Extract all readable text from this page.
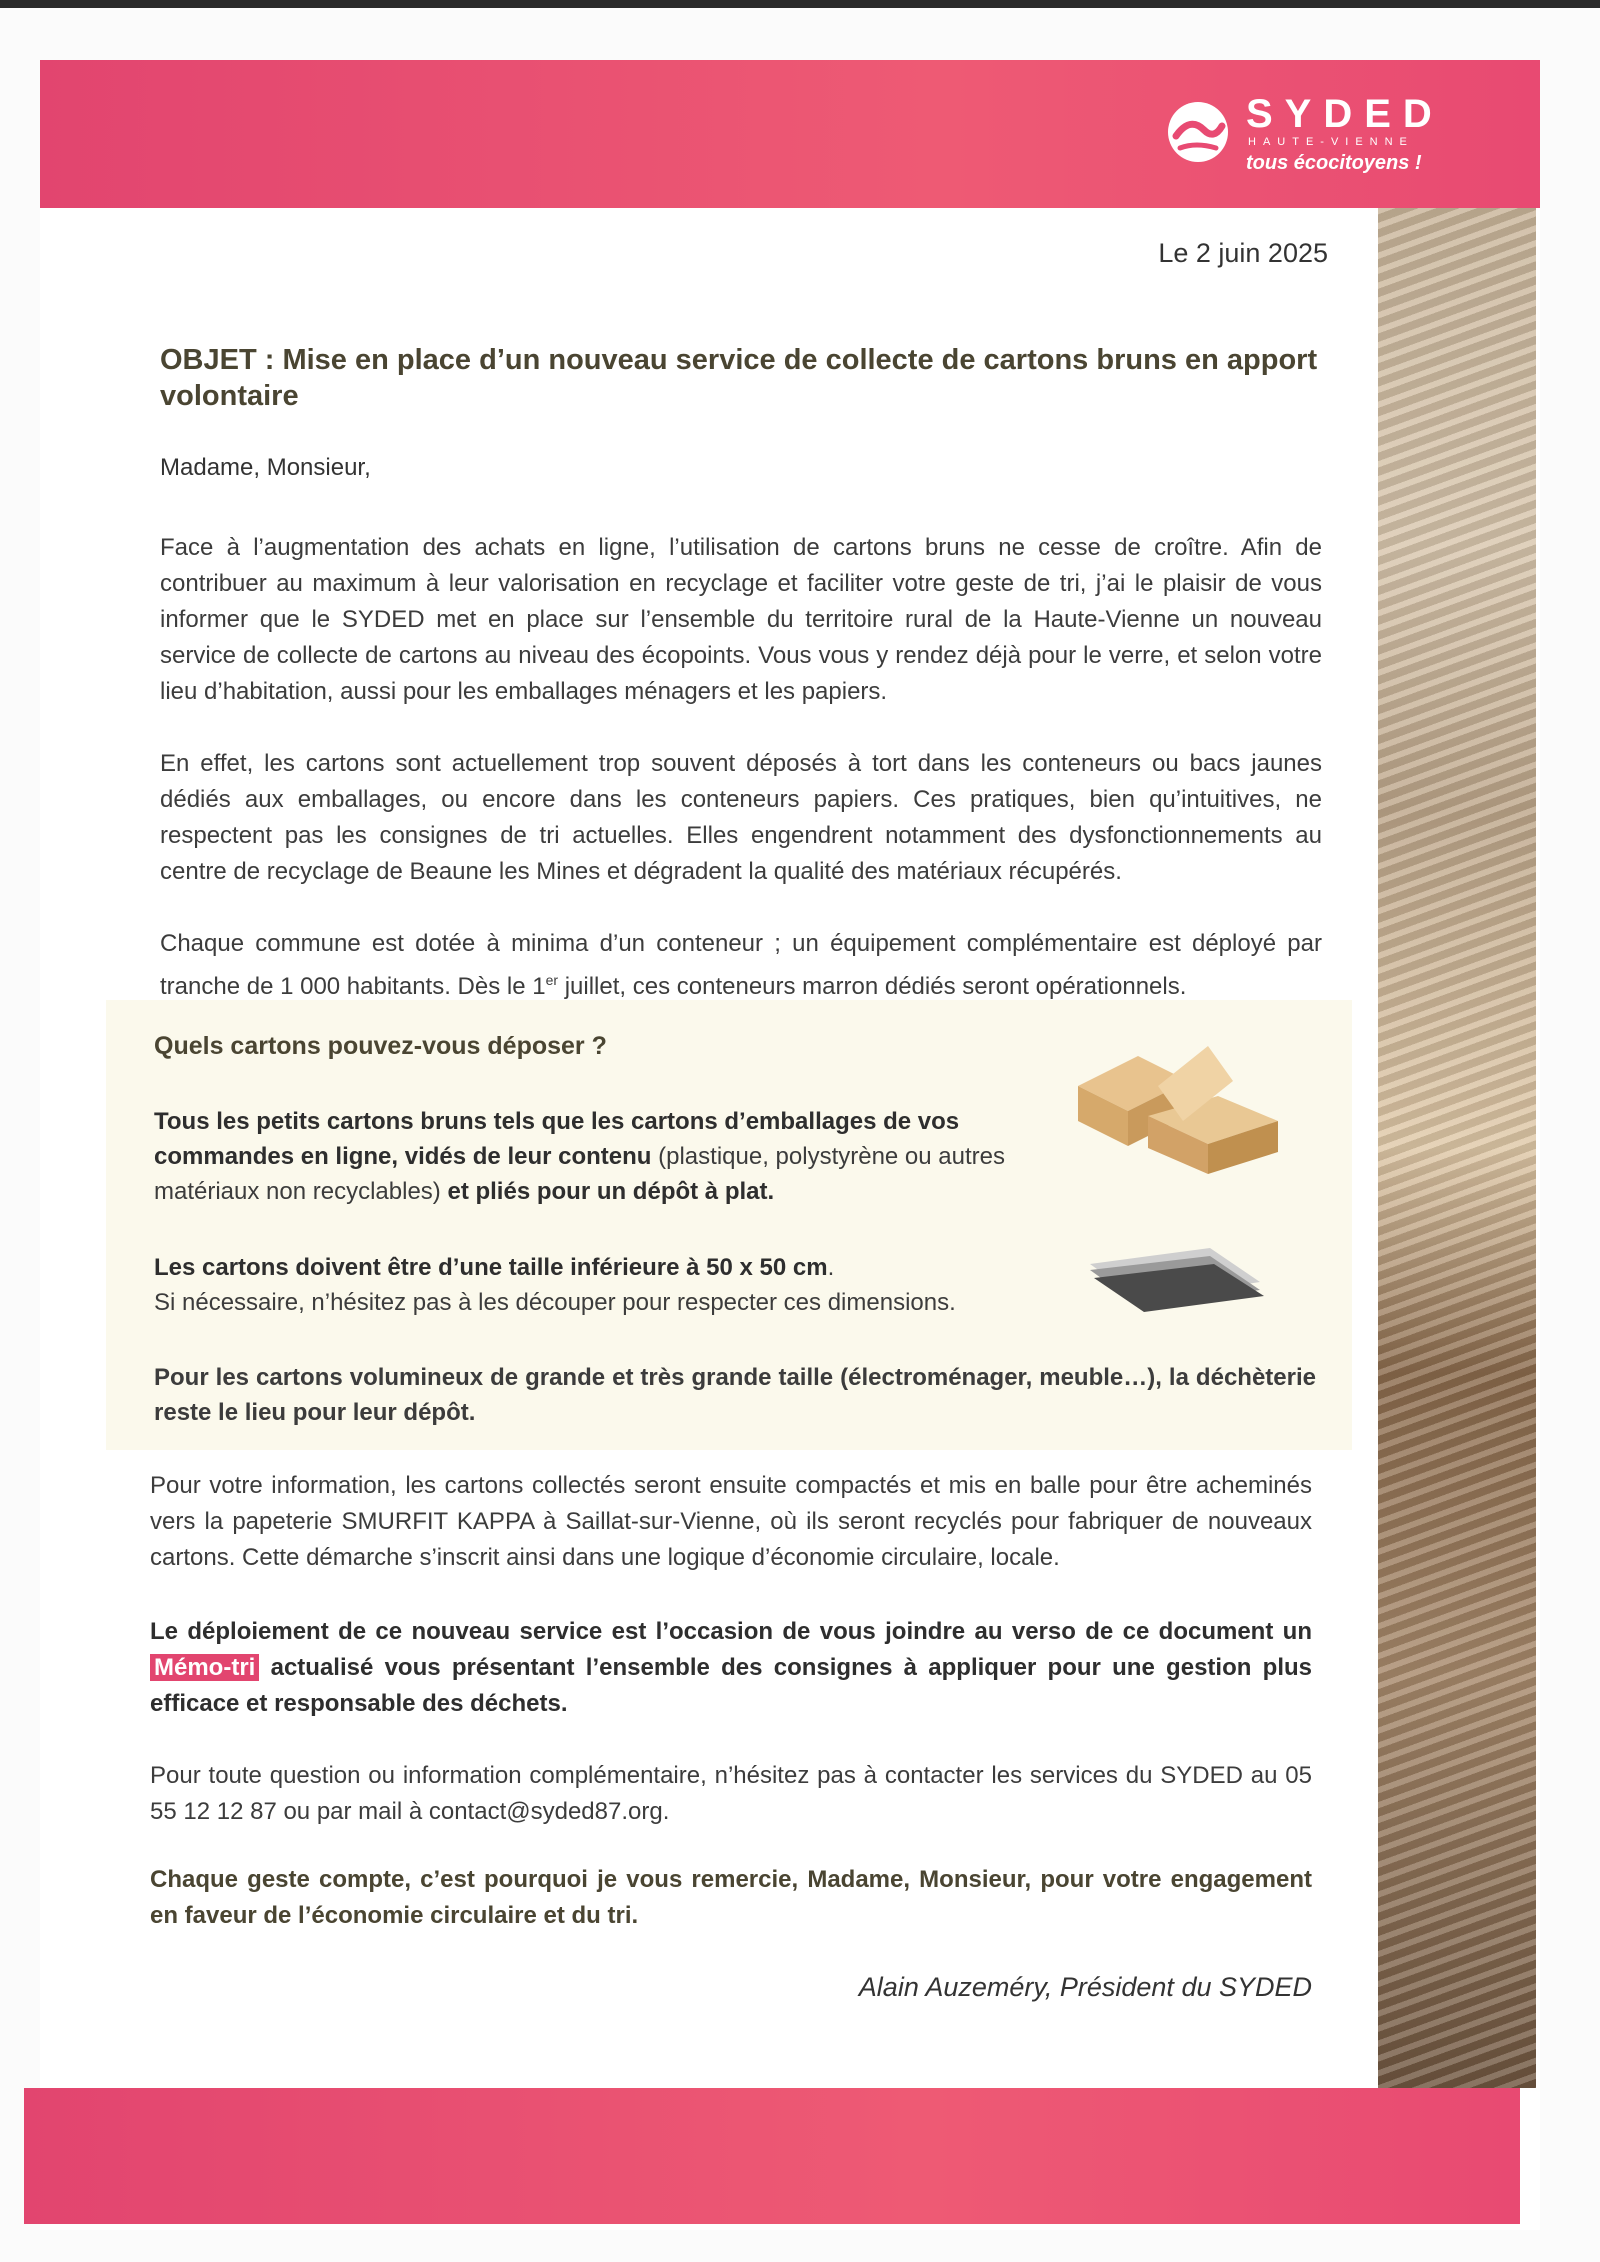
SYDED
HAUTE-VIENNE
tous écocitoyens !
Le 2 juin 2025
OBJET : Mise en place d’un nouveau service de collecte de cartons bruns en apport volontaire
Madame, Monsieur,
Face à l’augmentation des achats en ligne, l’utilisation de cartons bruns ne cesse de croître. Afin de contribuer au maximum à leur valorisation en recyclage et faciliter votre geste de tri, j’ai le plaisir de vous informer que le SYDED met en place sur l’ensemble du territoire rural de la Haute-Vienne un nouveau service de collecte de cartons au niveau des écopoints. Vous vous y rendez déjà pour le verre, et selon votre lieu d’habitation, aussi pour les emballages ménagers et les papiers.
En effet, les cartons sont actuellement trop souvent déposés à tort dans les conteneurs ou bacs jaunes dédiés aux emballages, ou encore dans les conteneurs papiers. Ces pratiques, bien qu’intuitives, ne respectent pas les consignes de tri actuelles. Elles engendrent notamment des dysfonctionnements au centre de recyclage de Beaune les Mines et dégradent la qualité des matériaux récupérés.
Chaque commune est dotée à minima d’un conteneur ; un équipement complémentaire est déployé par tranche de 1 000 habitants. Dès le 1er juillet, ces conteneurs marron dédiés seront opérationnels.
Quels cartons pouvez-vous déposer ?
Tous les petits cartons bruns tels que les cartons d’emballages de vos commandes en ligne, vidés de leur contenu (plastique, polystyrène ou autres matériaux non recyclables) et pliés pour un dépôt à plat.
Les cartons doivent être d’une taille inférieure à 50 x 50 cm.
Si nécessaire, n’hésitez pas à les découper pour respecter ces dimensions.
Pour les cartons volumineux de grande et très grande taille (électroménager, meuble…), la déchèterie reste le lieu pour leur dépôt.
Pour votre information, les cartons collectés seront ensuite compactés et mis en balle pour être acheminés vers la papeterie SMURFIT KAPPA à Saillat-sur-Vienne, où ils seront recyclés pour fabriquer de nouveaux cartons. Cette démarche s’inscrit ainsi dans une logique d’économie circulaire, locale.
Le déploiement de ce nouveau service est l’occasion de vous joindre au verso de ce document un Mémo-tri actualisé vous présentant l’ensemble des consignes à appliquer pour une gestion plus efficace et responsable des déchets.
Pour toute question ou information complémentaire, n’hésitez pas à contacter les services du SYDED au 05 55 12 12 87 ou par mail à contact@syded87.org.
Chaque geste compte, c’est pourquoi je vous remercie, Madame, Monsieur, pour votre engagement en faveur de l’économie circulaire et du tri.
Alain Auzeméry, Président du SYDED
